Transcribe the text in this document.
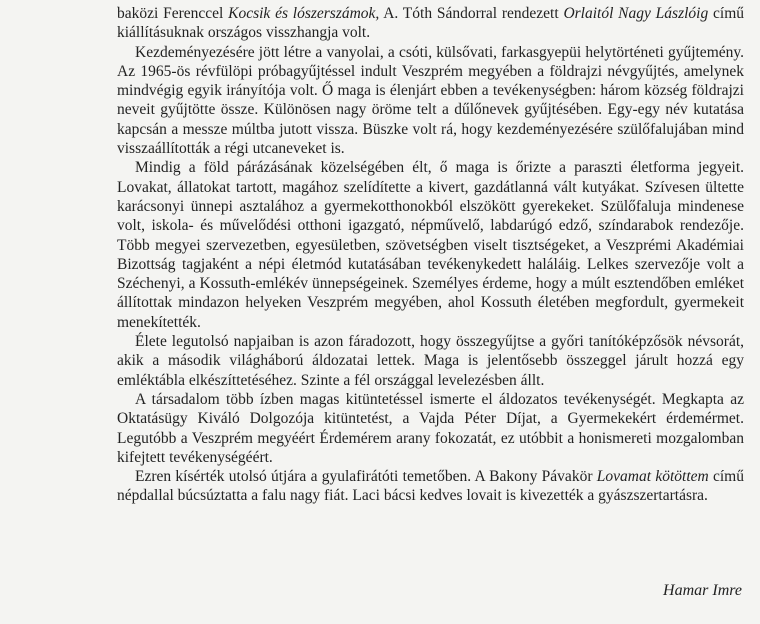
baközi Ferenccel Kocsik és lószerszámok, A. Tóth Sándorral rendezett Orlaitól Nagy Lászlóig című kiállításuknak országos visszhangja volt.

Kezdeményezésére jött létre a vanyolai, a csóti, külsővati, farkasgyepüi helytörténeti gyűjtemény. Az 1965-ös révfülöpi próbagyűjtéssel indult Veszprém megyében a földrajzi névgyűjtés, amelynek mindvégig egyik irányítója volt. Ő maga is élenjárt ebben a tevékenységben: három község földrajzi neveit gyűjtötte össze. Különösen nagy öröme telt a dűlőnevek gyűjtésében. Egy-egy név kutatása kapcsán a messze múltba jutott vissza. Büszke volt rá, hogy kezdeményezésére szülőfalujában mind visszaállították a régi utcaneveket is.

Mindig a föld párázásának közelségében élt, ő maga is őrizte a paraszti életforma jegyeit. Lovakat, állatokat tartott, magához szelídítette a kivert, gazdátlanná vált kutyákat. Szívesen ültette karácsonyi ünnepi asztalához a gyermekotthonokból elszökött gyerekeket. Szülőfaluja mindenese volt, iskola- és művelődési otthoni igazgató, népművelő, labdarúgó edző, színdarabok rendezője. Több megyei szervezetben, egyesületben, szövetségben viselt tisztségeket, a Veszprémi Akadémiai Bizottság tagjaként a népi életmód kutatásában tevékenykedett haláláig. Lelkes szervezője volt a Széchenyi, a Kossuth-emlékév ünnepségeinek. Személyes érdeme, hogy a múlt esztendőben emléket állítottak mindazon helyeken Veszprém megyében, ahol Kossuth életében megfordult, gyermekeit menekítették.

Élete legutolsó napjaiban is azon fáradozott, hogy összegyűjtse a győri tanítóképzősök névsorát, akik a második világháború áldozatai lettek. Maga is jelentősebb összeggel járult hozzá egy emléktábla elkészíttetéséhez. Szinte a fél országgal levelezésben állt.

A társadalom több ízben magas kitüntetéssel ismerte el áldozatos tevékenységét. Megkapta az Oktatásügy Kiváló Dolgozója kitüntetést, a Vajda Péter Díjat, a Gyermekekért érdemérmet. Legutóbb a Veszprém megyéért Érdemérem arany fokozatát, ez utóbbit a honismereti mozgalomban kifejtett tevékenységéért.

Ezren kísérték utolsó útjára a gyulafirátóti temetőben. A Bakony Pávakör Lovamat kötöttem című népdallal búcsúztatta a falu nagy fiát. Laci bácsi kedves lovait is kivezették a gyászszertartásra.

Hamar Imre
